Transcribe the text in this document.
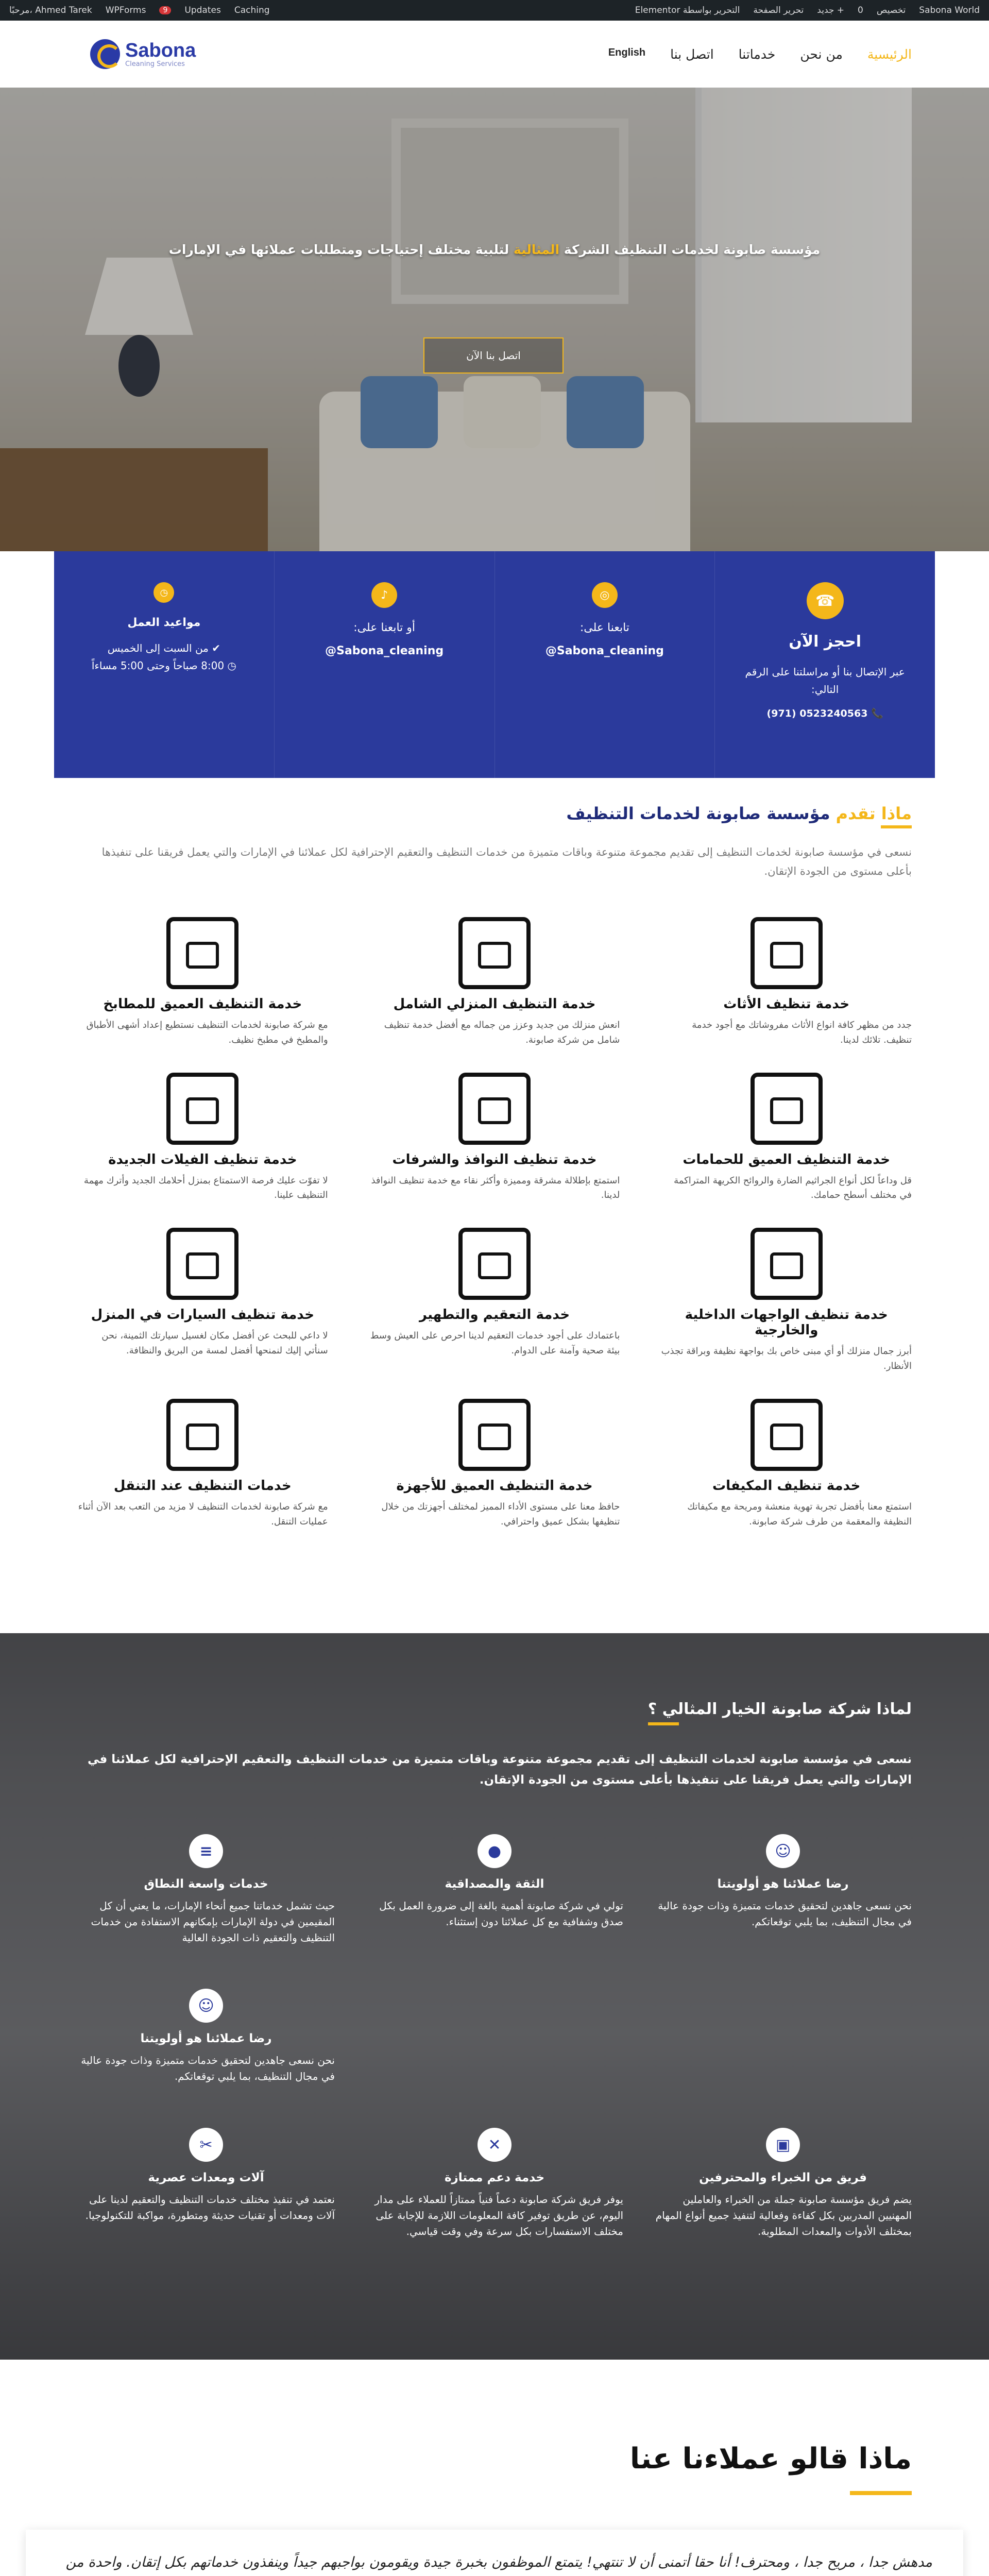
مرحبًا، Ahmed Tarek WPForms	9	Updates Caching	Sabona World
تخصيص
0
+ جديد
تحرير الصفحة
التحرير بواسطة Elementor
Sabona
Cleaning Services
الرئيسية
من نحن
خدماتنا
اتصل بنا
English
مؤسسة صابونة لخدمات التنظيف الشركة المثالية لتلبية مختلف إحتياجات ومتطلبات عملائها في الإمارات
اتصل بنا الآن
☎
احجز الآن
عبر الإتصال بنا أو مراسلتنا على الرقم التالي:
📞 0523240563 (971)
◎
تابعنا على:
@Sabona_cleaning
♪
أو تابعنا على:
@Sabona_cleaning
◷
مواعيد العمل
✔ من السبت إلى الخميس
◷ 8:00 صباحاً وحتى 5:00 مساءاً
ماذا تقدم مؤسسة صابونة لخدمات التنظيف
نسعى في مؤسسة صابونة لخدمات التنظيف إلى تقديم مجموعة متنوعة وباقات متميزة من خدمات التنظيف والتعقيم الإحترافية لكل عملائنا في الإمارات والتي يعمل فريقنا على تنفيذها بأعلى مستوى من الجودة الإتقان.
خدمة تنظيف الأثاث

جدد من مظهر كافة انواع الأثاث مفروشاتك مع أجود خدمة تنظيف. تلائك لدينا.

خدمة التنظيف المنزلي الشامل

انعش منزلك من جديد وعزز من جماله مع أفضل خدمة تنظيف شامل من شركة صابونة.

خدمة التنظيف العميق للمطابخ

مع شركة صابونة لخدمات التنظيف نستطيع إعداد أشهى الأطباق والمطبخ في مطبخ نظيف.

خدمة التنظيف العميق للحمامات

قل وداعاً لكل أنواع الجراثيم الضارة والروائح الكريهة المتراكمة في مختلف أسطح حمامك.

خدمة تنظيف النوافذ والشرفات

استمتع بإطلالة مشرقة ومميزة وأكثر نقاء مع خدمة تنظيف النوافذ لدينا.

خدمة تنظيف الفيلات الجديدة

لا تفوّت عليك فرصة الاستمتاع بمنزل أحلامك الجديد وأترك مهمة التنظيف علينا.

خدمة تنظيف الواجهات الداخلية والخارجية

أبرز جمال منزلك أو أي مبنى خاص بك بواجهة نظيفة وبراقة تجذب الأنظار.

خدمة التعقيم والتطهير

باعتمادك على أجود خدمات التعقيم لدينا احرص على العيش وسط بيئة صحية وآمنة على الدوام.

خدمة تنظيف السيارات في المنزل

لا داعي للبحث عن أفضل مكان لغسيل سيارتك الثمينة، نحن سنأتي إليك لنمنحها أفضل لمسة من البريق والنظافة.

خدمة تنظيف المكيفات

استمتع معنا بأفضل تجربة تهوية منعشة ومريحة مع مكيفاتك النظيفة والمعقمة من طرف شركة صابونة.

خدمة التنظيف العميق للأجهزة

حافظ معنا على مستوى الأداء المميز لمختلف أجهزتك من خلال تنظيفها بشكل عميق واحترافي.

خدمات التنظيف عند التنقل

مع شركة صابونة لخدمات التنظيف لا مزيد من التعب بعد الآن أثناء عمليات التنقل.

لماذا شركة صابونة الخيار المثالي ؟
نسعى في مؤسسة صابونة لخدمات التنظيف إلى تقديم مجموعة متنوعة وباقات متميزة من خدمات التنظيف والتعقيم الإحترافية لكل عملائنا في الإمارات والتي يعمل فريقنا على تنفيذها بأعلى مستوى من الجودة الإتقان.
☺
رضا عملائنا هو أولويتنا

نحن نسعى جاهدين لتحقيق خدمات متميزة وذات جودة عالية في مجال التنظيف، بما يلبي توقعاتكم.

●
الثقة والمصداقية

تولي في شركة صابونة أهمية بالغة إلى ضرورة العمل بكل صدق وشفافية مع كل عملائنا دون إستثناء.

≡
خدمات واسعة النطاق

حيث تشمل خدماتنا جميع أنحاء الإمارات، ما يعني أن كل المقيمين في دولة الإمارات بإمكانهم الاستفادة من خدمات التنظيف والتعقيم ذات الجودة العالية

☺
رضا عملائنا هو أولويتنا

نحن نسعى جاهدين لتحقيق خدمات متميزة وذات جودة عالية في مجال التنظيف، بما يلبي توقعاتكم.

▣
فريق من الخبراء والمحترفين

يضم فريق مؤسسة صابونة جملة من الخبراء والعاملين المهنيين المدربين بكل كفاءة وفعالية لتنفيذ جميع أنواع المهام بمختلف الأدوات والمعدات المطلوبة.

✕
خدمة دعم ممتازة

يوفر فريق شركة صابونة دعماً فنياً ممتازاً للعملاء على مدار اليوم، عن طريق توفير كافة المعلومات اللازمة للإجابة على مختلف الاستفسارات بكل سرعة وفي وقت قياسي.

✂
آلات ومعدات عصرية

نعتمد في تنفيذ مختلف خدمات التنظيف والتعقيم لدينا على آلات ومعدات أو تقنيات حديثة ومتطورة، مواكبة للتكنولوجيا.

ماذا قالو عملاءنا عنا
مدهش جدا ، مريح جدا ، ومحترف! أنا حقا أتمنى أن لا تنتهي! يتمتع الموظفون بخبرة جيدة ويقومون بواجبهم جيداً وينفذون خدماتهم بكل إتقان. واحدة من
